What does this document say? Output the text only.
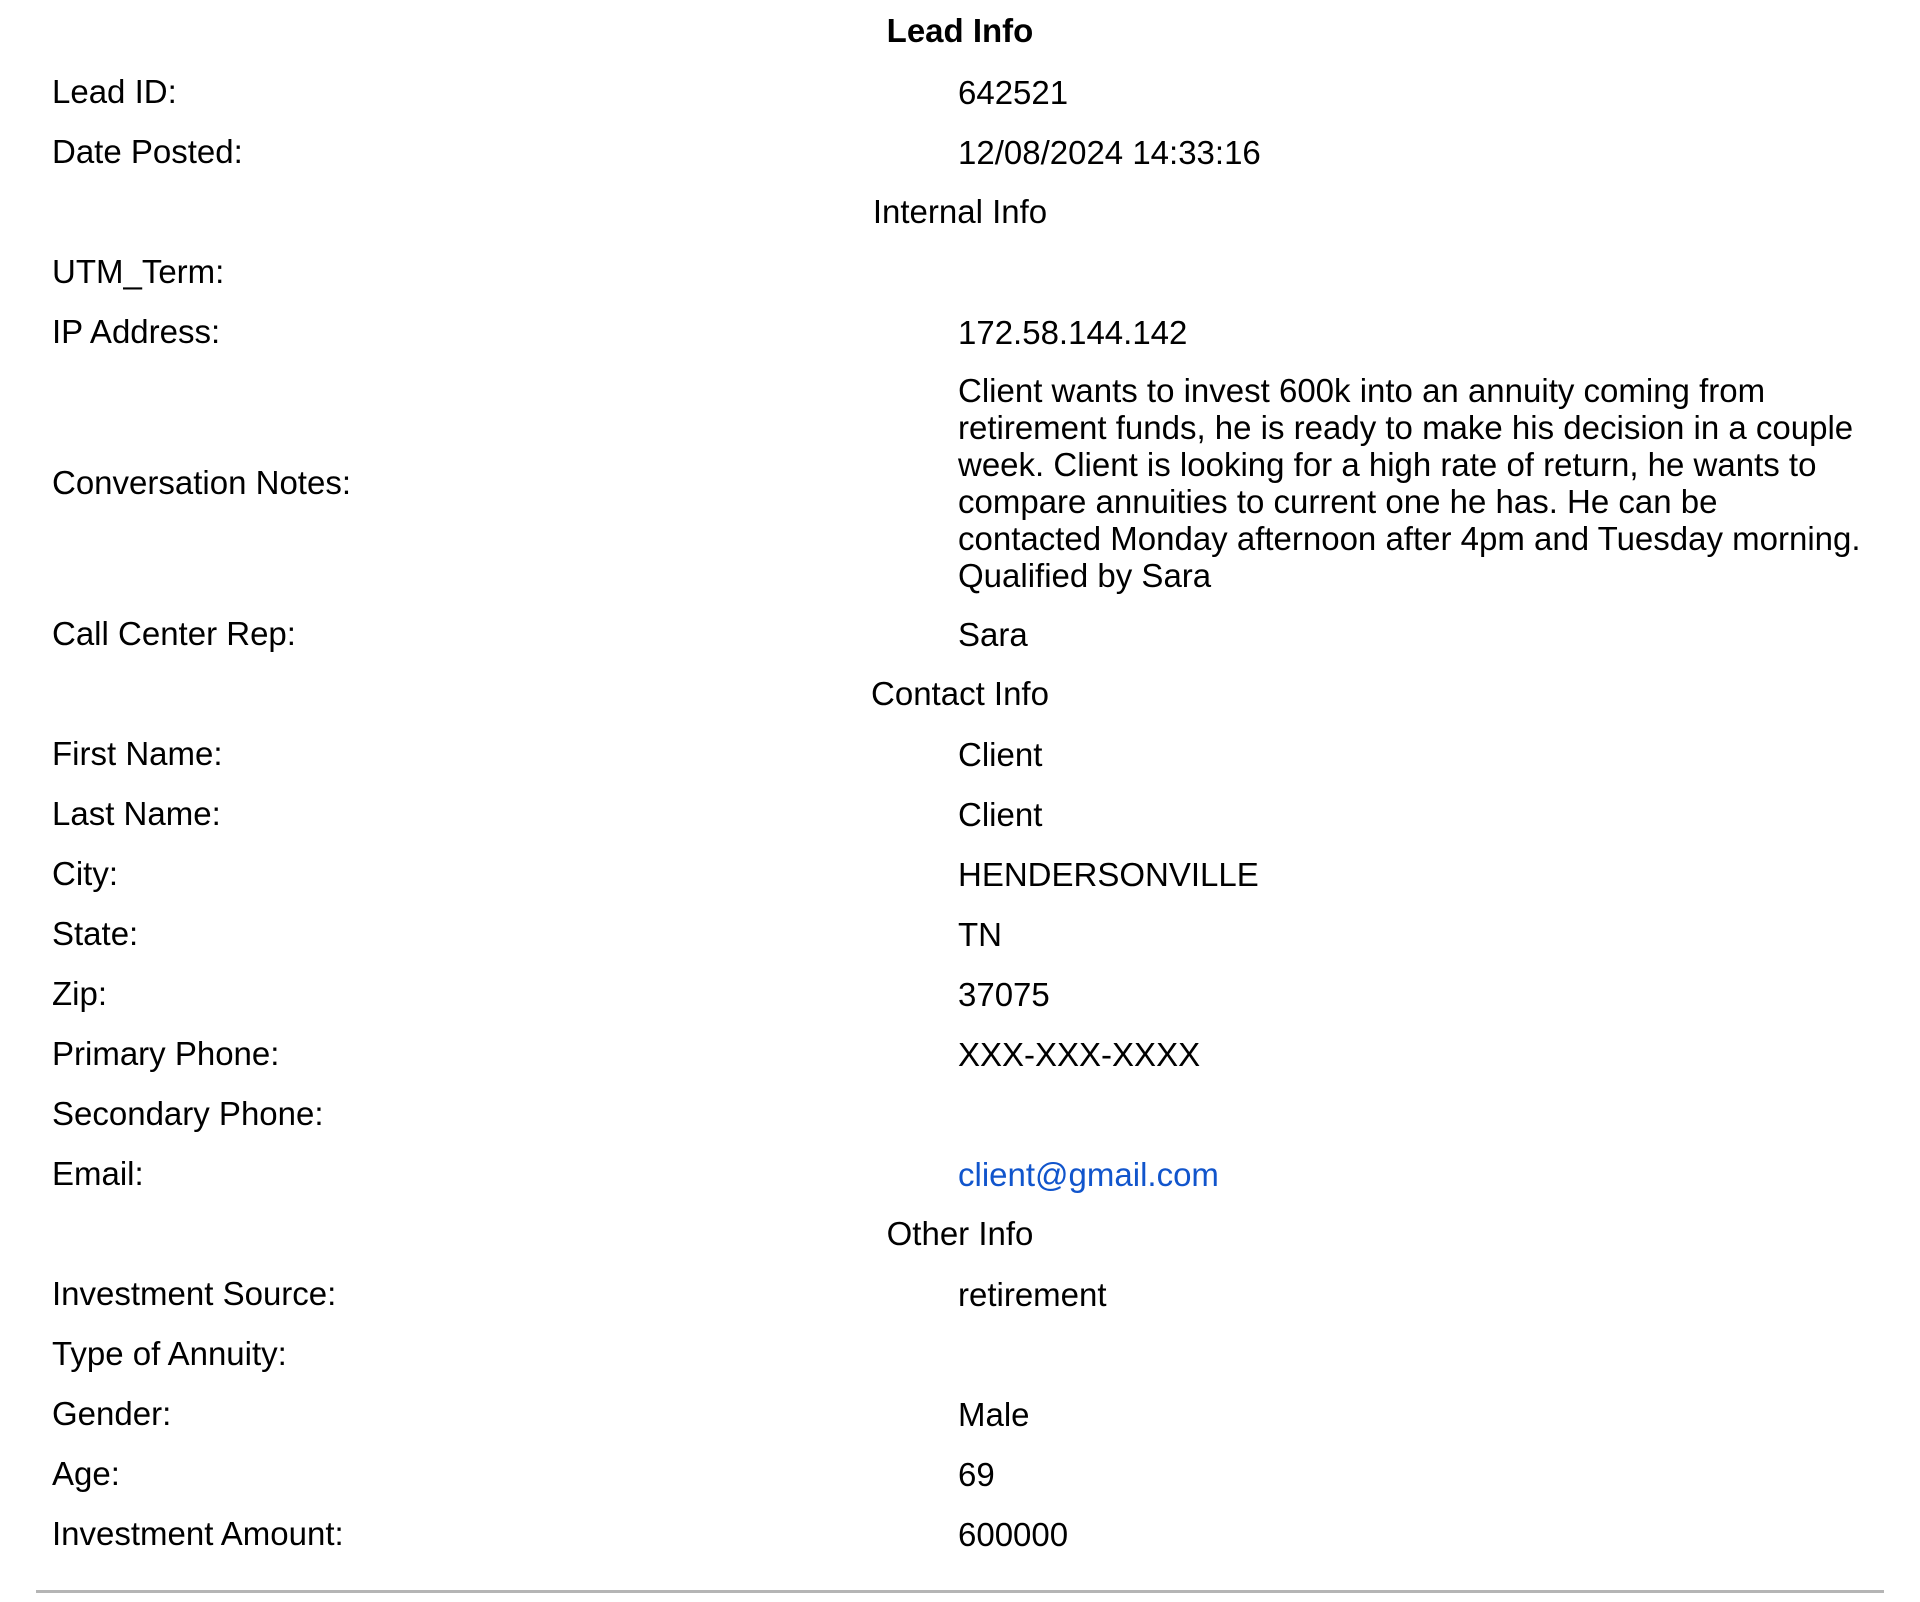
Lead Info
Lead ID:	642521
Date Posted:	12/08/2024 14:33:16
Internal Info
UTM_Term:
IP Address:	172.58.144.142
Conversation Notes:
Client wants to invest 600k into an annuity coming from retirement funds, he is ready to make his decision in a couple week. Client is looking for a high rate of return, he wants to compare annuities to current one he has. He can be contacted Monday afternoon after 4pm and Tuesday morning. Qualified by Sara
Call Center Rep:	Sara
Contact Info
First Name:	Client
Last Name:	Client
City:	HENDERSONVILLE
State:	TN
Zip:	37075
Primary Phone:	XXX-XXX-XXXX
Secondary Phone:
Email:	client@gmail.com
Other Info
Investment Source:	retirement
Type of Annuity:
Gender:	Male
Age:	69
Investment Amount:	600000
